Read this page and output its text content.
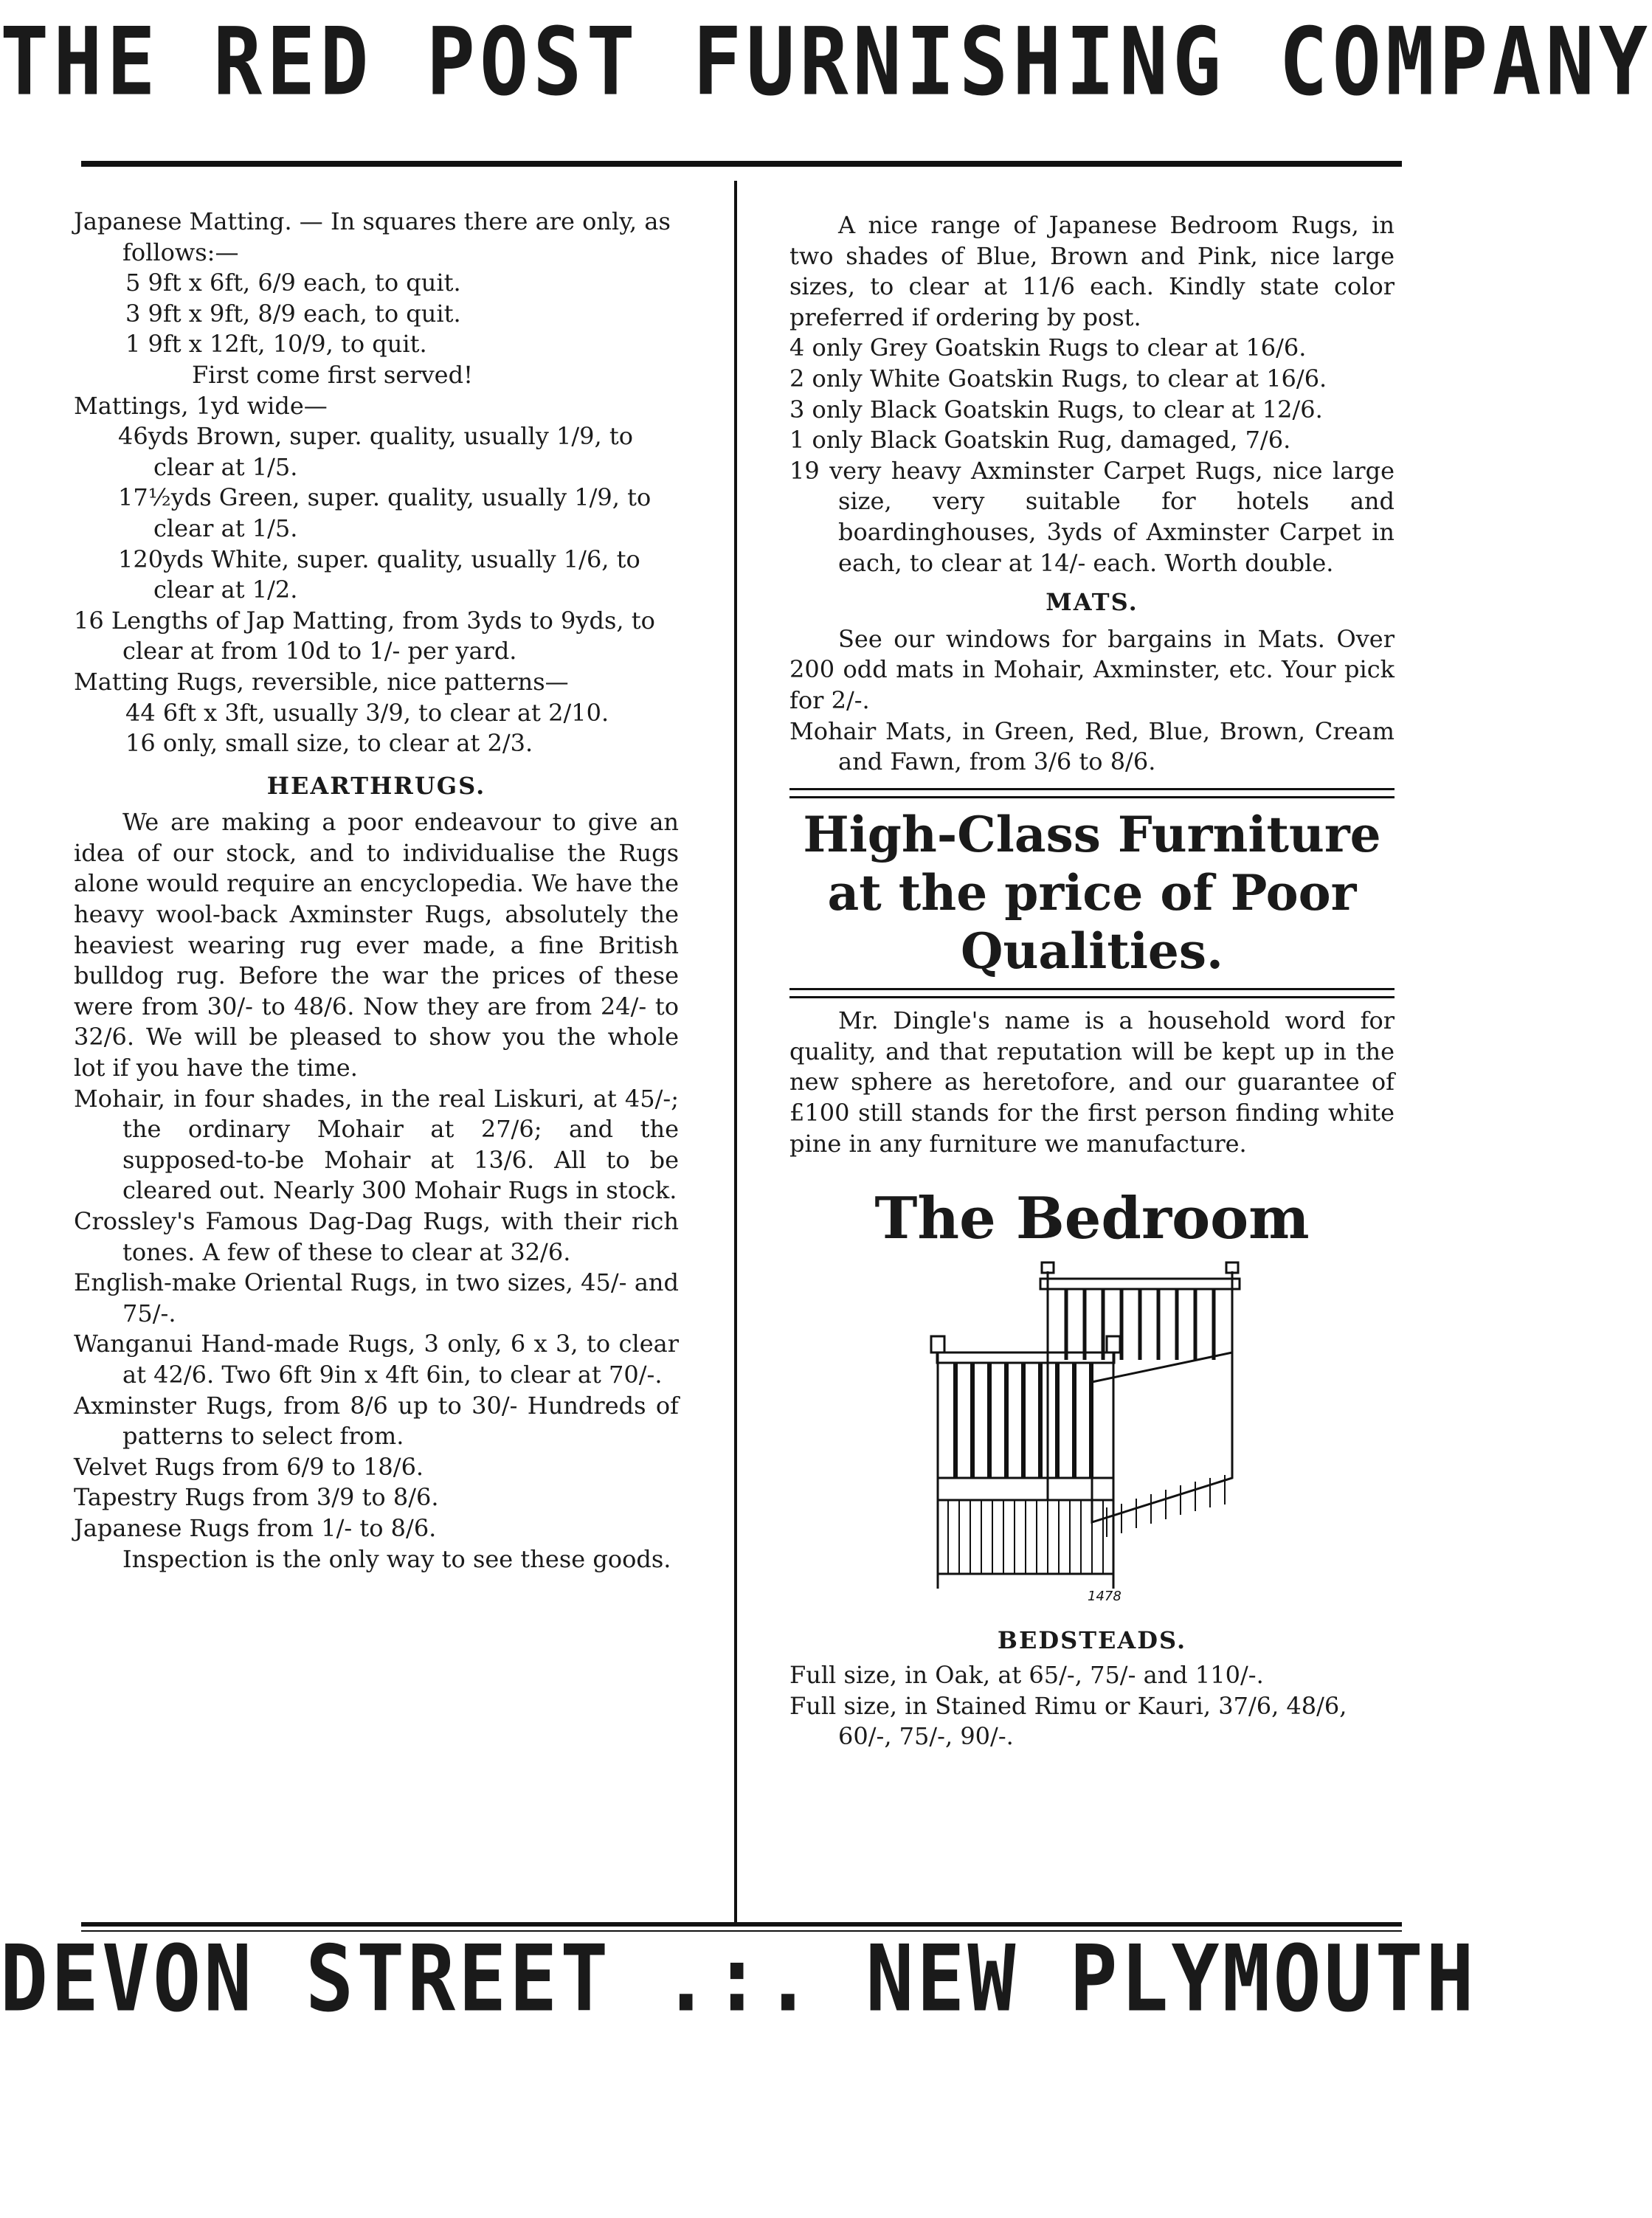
THE RED POST FURNISHING COMPANY

Japanese Matting. — In squares there are only, as follows:—

5 9ft x 6ft, 6/9 each, to quit.

3 9ft x 9ft, 8/9 each, to quit.

1 9ft x 12ft, 10/9, to quit.

First come first served!

Mattings, 1yd wide—

46yds Brown, super. quality, usually 1/9, to clear at 1/5.

17½yds Green, super. quality, usually 1/9, to clear at 1/5.

120yds White, super. quality, usually 1/6, to clear at 1/2.

16 Lengths of Jap Matting, from 3yds to 9yds, to clear at from 10d to 1/- per yard.

Matting Rugs, reversible, nice patterns—

44 6ft x 3ft, usually 3/9, to clear at 2/10.

16 only, small size, to clear at 2/3.

HEARTHRUGS.

We are making a poor endeavour to give an idea of our stock, and to individualise the Rugs alone would require an encyclopedia. We have the heavy wool-back Axminster Rugs, absolutely the heaviest wearing rug ever made, a fine British bulldog rug. Before the war the prices of these were from 30/- to 48/6. Now they are from 24/- to 32/6. We will be pleased to show you the whole lot if you have the time.

Mohair, in four shades, in the real Liskuri, at 45/-; the ordinary Mohair at 27/6; and the supposed-to-be Mohair at 13/6. All to be cleared out. Nearly 300 Mohair Rugs in stock.

Crossley's Famous Dag-Dag Rugs, with their rich tones. A few of these to clear at 32/6.

English-make Oriental Rugs, in two sizes, 45/- and 75/-.

Wanganui Hand-made Rugs, 3 only, 6 x 3, to clear at 42/6. Two 6ft 9in x 4ft 6in, to clear at 70/-.

Axminster Rugs, from 8/6 up to 30/- Hundreds of patterns to select from.

Velvet Rugs from 6/9 to 18/6.

Tapestry Rugs from 3/9 to 8/6.

Japanese Rugs from 1/- to 8/6.

Inspection is the only way to see these goods.

A nice range of Japanese Bedroom Rugs, in two shades of Blue, Brown and Pink, nice large sizes, to clear at 11/6 each. Kindly state color preferred if ordering by post.

4 only Grey Goatskin Rugs to clear at 16/6.

2 only White Goatskin Rugs, to clear at 16/6.

3 only Black Goatskin Rugs, to clear at 12/6.

1 only Black Goatskin Rug, damaged, 7/6.

19 very heavy Axminster Carpet Rugs, nice large size, very suitable for hotels and boardinghouses, 3yds of Axminster Carpet in each, to clear at 14/- each. Worth double.

MATS.

See our windows for bargains in Mats. Over 200 odd mats in Mohair, Axminster, etc. Your pick for 2/-.

Mohair Mats, in Green, Red, Blue, Brown, Cream and Fawn, from 3/6 to 8/6.

High-Class Furniture at the price of Poor Qualities.

Mr. Dingle's name is a household word for quality, and that reputation will be kept up in the new sphere as heretofore, and our guarantee of £100 still stands for the first person finding white pine in any furniture we manufacture.

The Bedroom

1478

BEDSTEADS.

Full size, in Oak, at 65/-, 75/- and 110/-.

Full size, in Stained Rimu or Kauri, 37/6, 48/6, 60/-, 75/-, 90/-.

DEVON STREET .:. NEW PLYMOUTH
